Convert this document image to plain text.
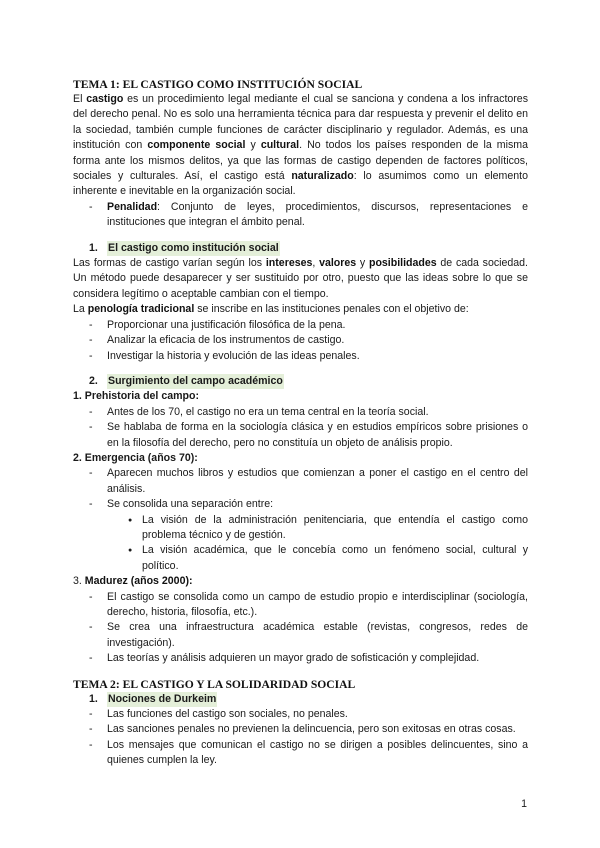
TEMA 1: EL CASTIGO COMO INSTITUCIÓN SOCIAL

El castigo es un procedimiento legal mediante el cual se sanciona y condena a los infractores del derecho penal. No es solo una herramienta técnica para dar respuesta y prevenir el delito en la sociedad, también cumple funciones de carácter disciplinario y regulador. Además, es una institución con componente social y cultural. No todos los países responden de la misma forma ante los mismos delitos, ya que las formas de castigo dependen de factores políticos, sociales y culturales. Así, el castigo está naturalizado: lo asumimos como un elemento inherente e inevitable en la organización social.

- Penalidad: Conjunto de leyes, procedimientos, discursos, representaciones e instituciones que integran el ámbito penal.
1. El castigo como institución social

Las formas de castigo varían según los intereses, valores y posibilidades de cada sociedad. Un método puede desaparecer y ser sustituido por otro, puesto que las ideas sobre lo que se considera legítimo o aceptable cambian con el tiempo.

La penología tradicional se inscribe en las instituciones penales con el objetivo de:

- Proporcionar una justificación filosófica de la pena.
- Analizar la eficacia de los instrumentos de castigo.
- Investigar la historia y evolución de las ideas penales.
2. Surgimiento del campo académico

1. Prehistoria del campo:

- Antes de los 70, el castigo no era un tema central en la teoría social.
- Se hablaba de forma en la sociología clásica y en estudios empíricos sobre prisiones o en la filosofía del derecho, pero no constituía un objeto de análisis propio.

2. Emergencia (años 70):

- Aparecen muchos libros y estudios que comienzan a poner el castigo en el centro del análisis.
- Se consolida una separación entre:
● La visión de la administración penitenciaria, que entendía el castigo como problema técnico y de gestión.
● La visión académica, que le concebía como un fenómeno social, cultural y político.

3. Madurez (años 2000):

- El castigo se consolida como un campo de estudio propio e interdisciplinar (sociología, derecho, historia, filosofía, etc.).
- Se crea una infraestructura académica estable (revistas, congresos, redes de investigación).
- Las teorías y análisis adquieren un mayor grado de sofisticación y complejidad.
TEMA 2: EL CASTIGO Y LA SOLIDARIDAD SOCIAL
1. Nociones de Durkeim
- Las funciones del castigo son sociales, no penales.
- Las sanciones penales no previenen la delincuencia, pero son exitosas en otras cosas.
- Los mensajes que comunican el castigo no se dirigen a posibles delincuentes, sino a quienes cumplen la ley.
1
